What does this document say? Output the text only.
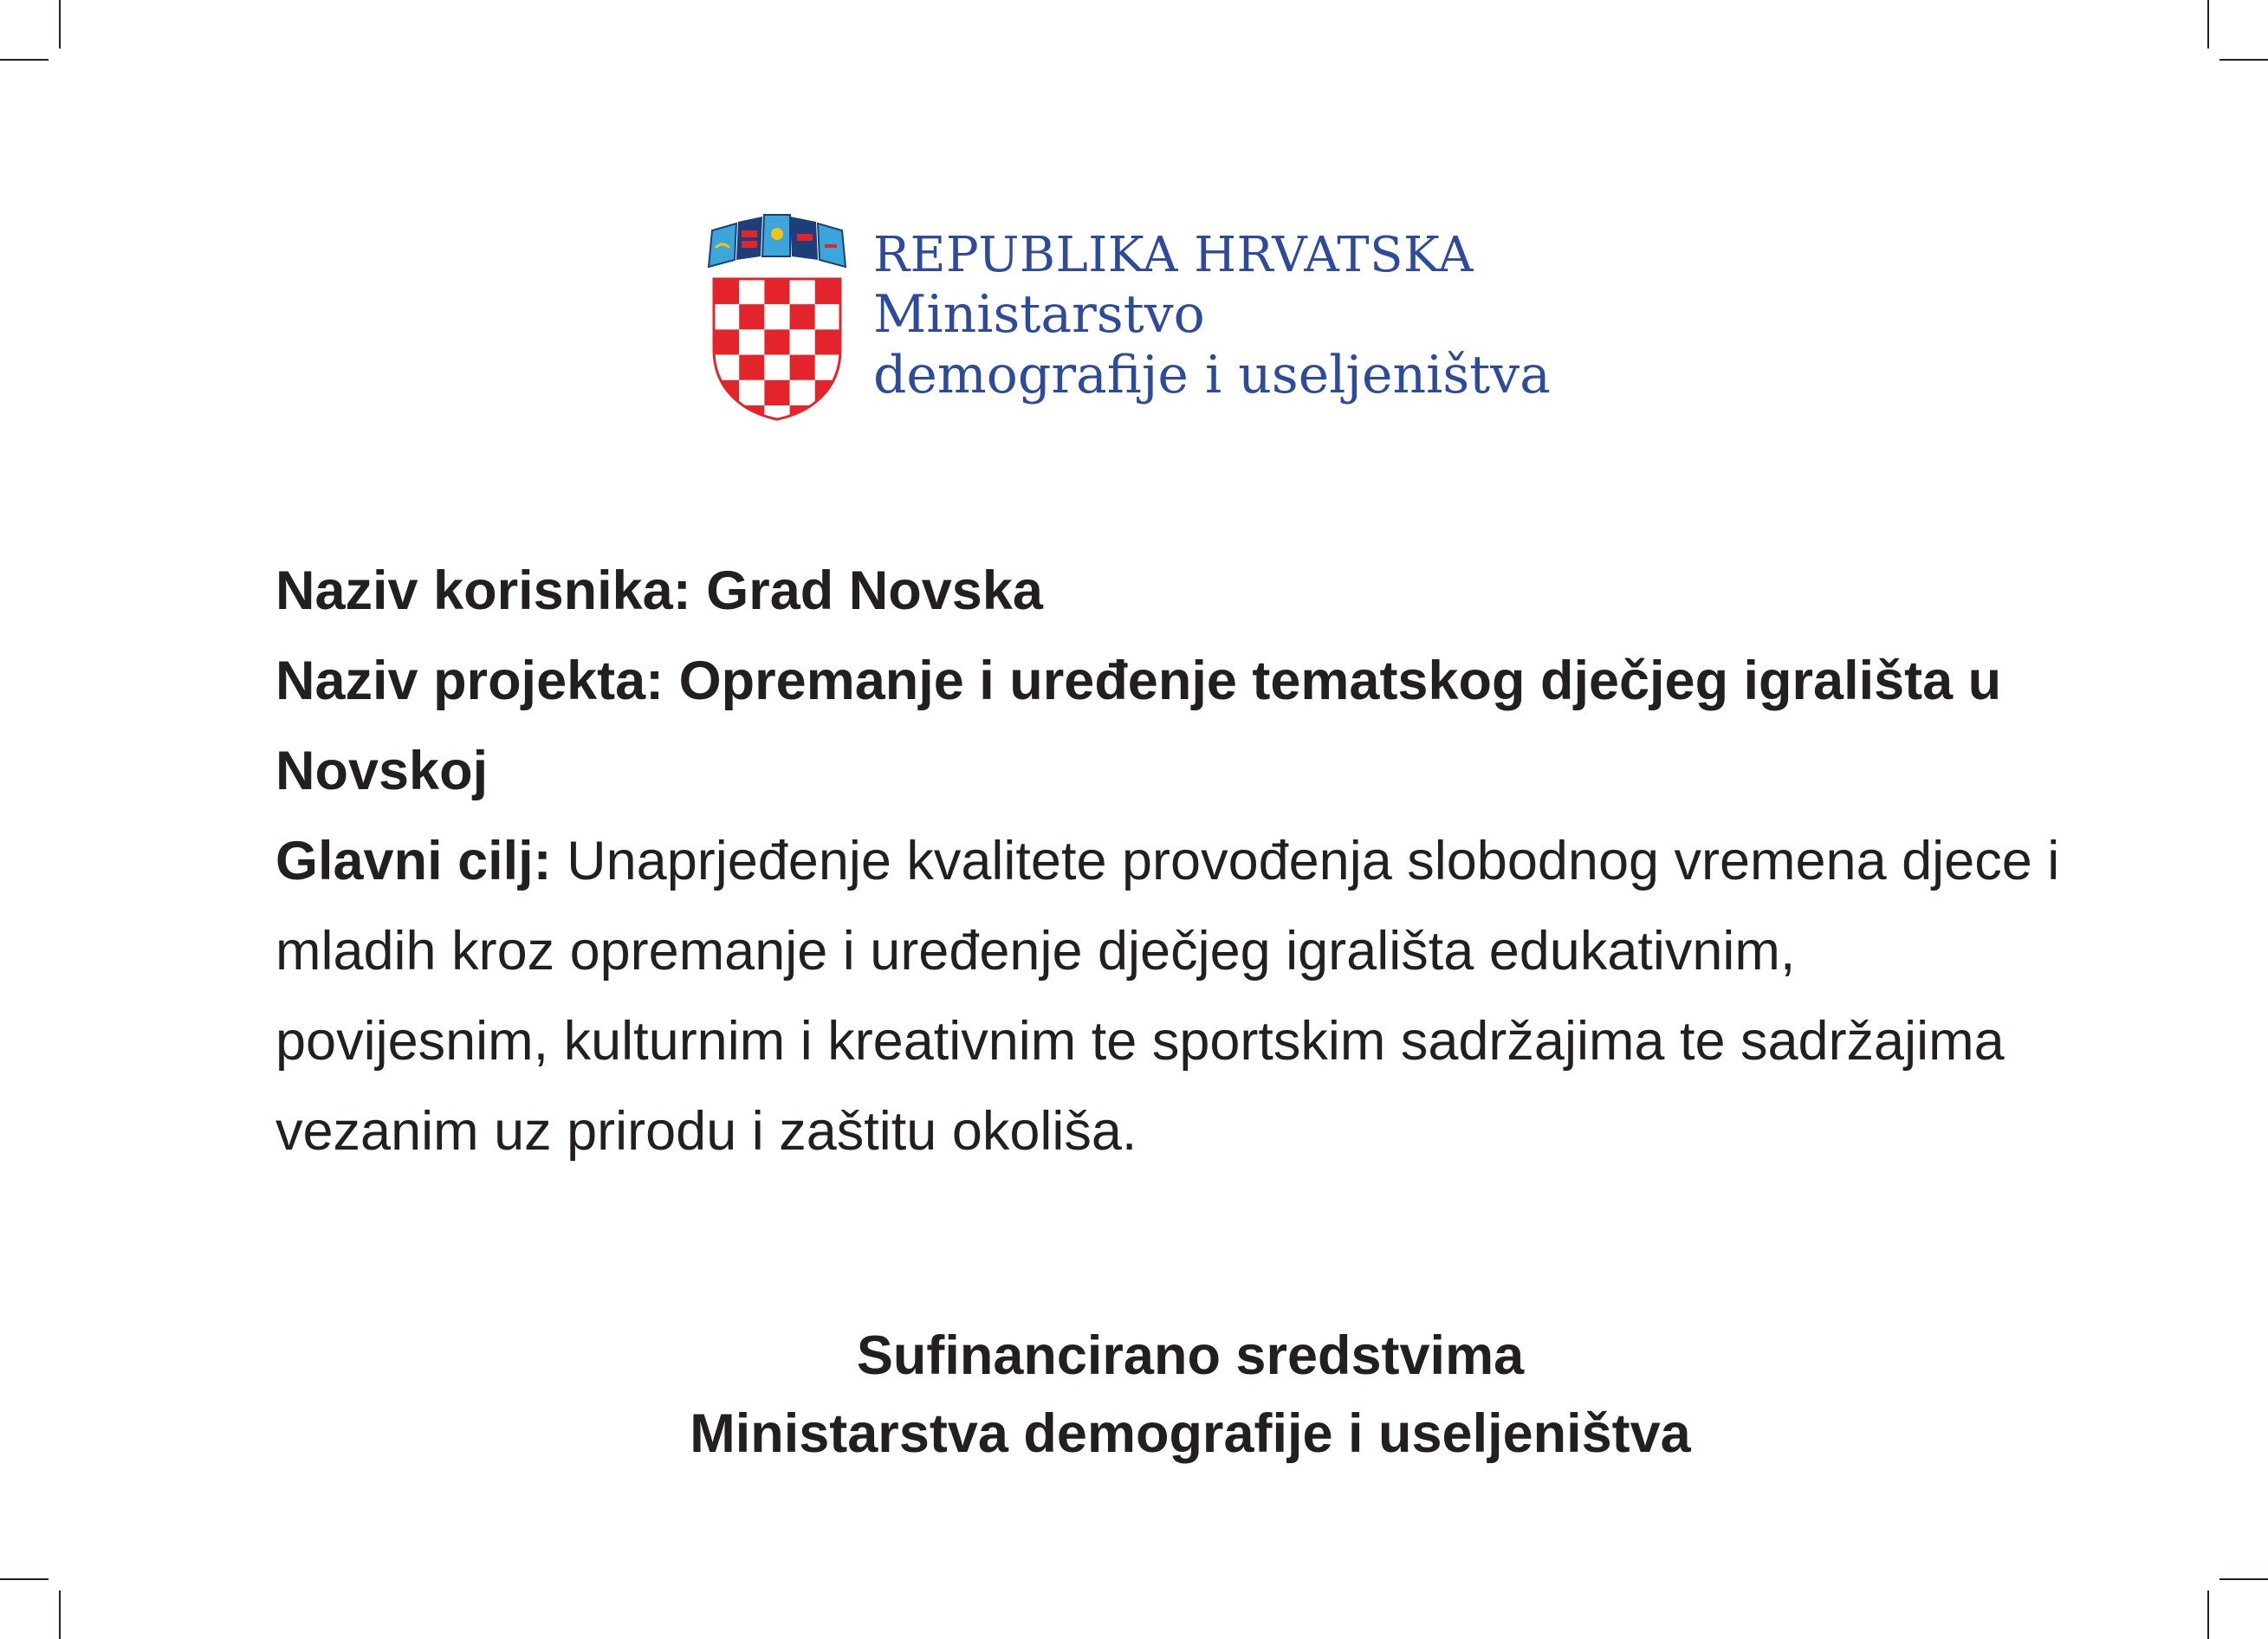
REPUBLIKA HRVATSKA
Ministarstvo
demografije i useljeništva

Naziv korisnika: Grad Novska

Naziv projekta: Opremanje i uređenje tematskog dječjeg igrališta u Novskoj

Glavni cilj: Unaprjeđenje kvalitete provođenja slobodnog vremena djece i mladih kroz opremanje i uređenje dječjeg igrališta edukativnim, povijesnim, kulturnim i kreativnim te sportskim sadržajima te sadržajima vezanim uz prirodu i zaštitu okoliša.

Sufinancirano sredstvima
Ministarstva demografije i useljeništva
